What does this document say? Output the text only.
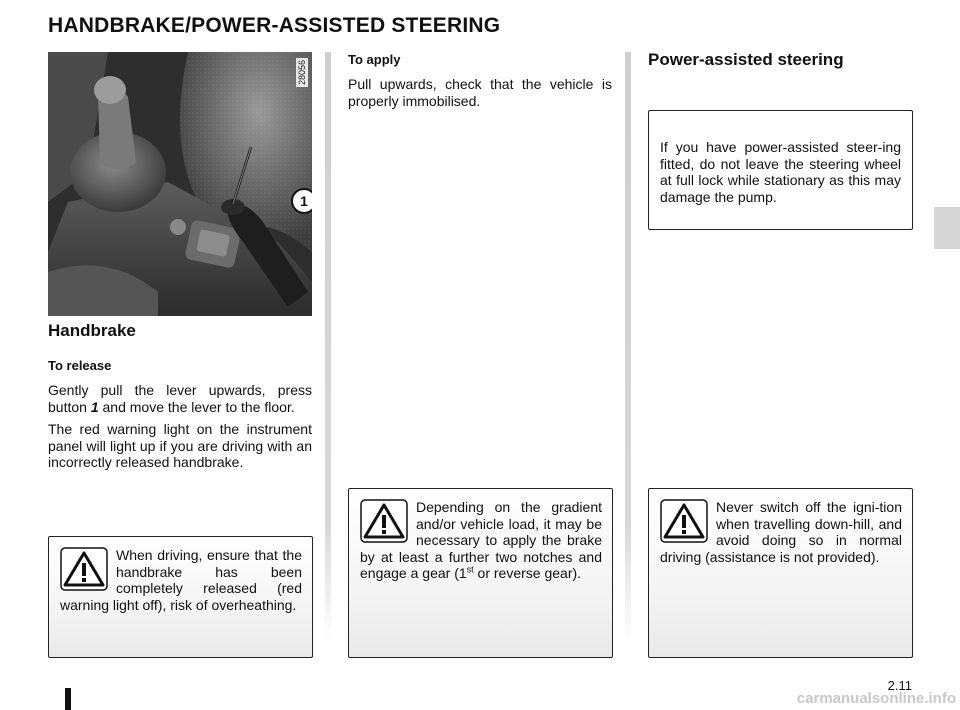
HANDBRAKE/POWER-ASSISTED STEERING
28056
1
Handbrake
To release

Gently pull the lever upwards, press button 1 and move the lever to the floor.

The red warning light on the instrument panel will light up if you are driving with an incorrectly released handbrake.

When driving, ensure that the handbrake has been completely released (red warning light off), risk of overheathing.
To apply

Pull upwards, check that the vehicle is properly immobilised.

Depending on the gradient and/or vehicle load, it may be necessary to apply the brake by at least a further two notches and engage a gear (1st or reverse gear).
Power-assisted steering
If you have power-assisted steer-ing fitted, do not leave the steering wheel at full lock while stationary as this may damage the pump.
Never switch off the igni-tion when travelling down-hill, and avoid doing so in normal driving (assistance is not provided).
2.11
carmanualsonline.info
